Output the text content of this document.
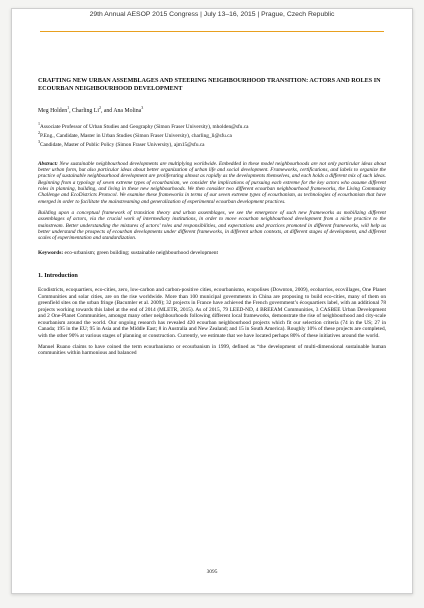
29th Annual AESOP 2015 Congress | July 13–16, 2015 | Prague, Czech Republic
CRAFTING NEW URBAN ASSEMBLAGES AND STEERING NEIGHBOURHOOD TRANSITION: ACTORS AND ROLES IN ECOURBAN NEIGHBOURHOOD DEVELOPMENT
Meg Holden$^1$, Charling Li$^2$, and Ana Molina$^3$
$^1$Associate Professor of Urban Studies and Geography (Simon Fraser University), mholden@sfu.ca
$^2$P.Eng., Candidate, Master in Urban Studies (Simon Fraser University), charling_li@sfu.ca
$^3$Candidate, Master of Public Policy (Simon Fraser University), ajm15@sfu.ca
Abstract: New sustainable neighbourhood developments are multiplying worldwide. Embedded in these model neighbourhoods are not only particular ideas about better urban form, but also particular ideas about better organization of urban life and social development. Frameworks, certifications, and labels to organize the practice of sustainable neighbourhood development are proliferating almost as rapidly as the developments themselves, and each holds a different mix of such ideas. Beginning from a typology of seven extreme types of ecourbanism, we consider the implications of pursuing each extreme for the key actors who assume different roles in planning, building, and living in these new neighbourhoods. We then consider two different ecourban neighbourhood frameworks, the Living Community Challenge and EcoDistricts Protocol. We examine these frameworks in terms of our seven extreme types of ecourbanism, as technologies of ecourbanism that have emerged in order to facilitate the mainstreaming and generalization of experimental ecourban development practices.
Building upon a conceptual framework of transition theory and urban assemblages, we see the emergence of such new frameworks as mobilizing different assemblages of actors, via the crucial work of intermediary institutions, in order to move ecourban neighbourhood development from a niche practice to the mainstream. Better understanding the mixtures of actors’ roles and responsibilities, and expectations and practices promoted in different frameworks, will help us better understand the prospects of ecourban developments under different frameworks, in different urban contexts, at different stages of development, and different scales of experimentation and standardization.
Keywords: eco-urbanism; green building; sustainable neighbourhood development
1. Introduction
Ecodistricts, ecoquartiers, eco-cities, zero, low-carbon and carbon-positive cities, ecourbanismo, ecopolises (Downton, 2009), ecobarrios, ecovillages, One Planet Communities and solar cities, are on the rise worldwide. More than 100 municipal governments in China are proposing to build eco-cities, many of them on greenfield sites on the urban fringe (Bacumler et al. 2009); 32 projects in France have achieved the French government’s écoquartiers label, with an additional 78 projects working towards this label at the end of 2014 (MLETR, 2015). As of 2015, 79 LEED-ND, 4 BREEAM Communities, 3 CASBEE Urban Development and 2 One-Planet Communities, amongst many other neighbourhoods following different local frameworks, demonstrate the rise of neighbourhood and city-scale ecourbanism around the world. Our ongoing research has revealed 420 ecourban neighbourhood projects which fit our selection criteria (74 in the US; 27 in Canada; 195 in the EU; 95 in Asia and the Middle East; 8 in Australia and New Zealand; and 15 in South America). Roughly 10% of these projects are completed, with the other 90% at various stages of planning or construction. Currently, we estimate that we have located perhaps 80% of these initiatives around the world.
Manuel Ruano claims to have coined the term ecourbanismo or ecourbanism in 1999, defined as “the development of multi-dimensional sustainable human communities within harmonious and balanced
3095
